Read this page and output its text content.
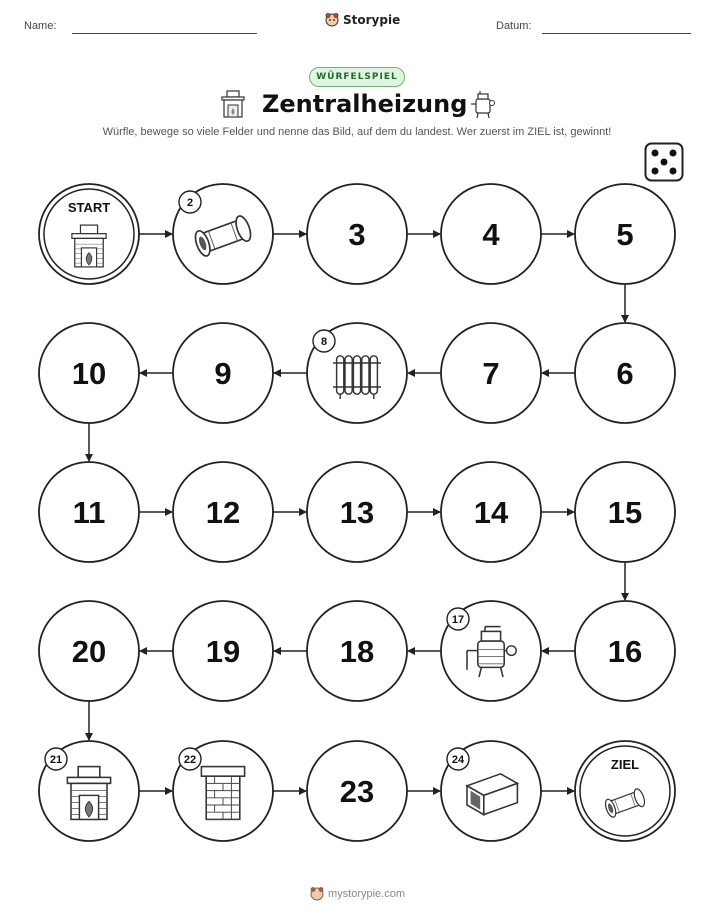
Name:	Storypie	Datum:
WÜRFELSPIEL
Zentralheizung
Würfle, bewege so viele Felder und nenne das Bild, auf dem du landest. Wer zuerst im ZIEL ist, gewinnt!
START	2
3	4	5
6
7
8
9
10
11	12	13	14	15
16
17
18
19
20
21	22
23
24	ZIEL
mystorypie.com
